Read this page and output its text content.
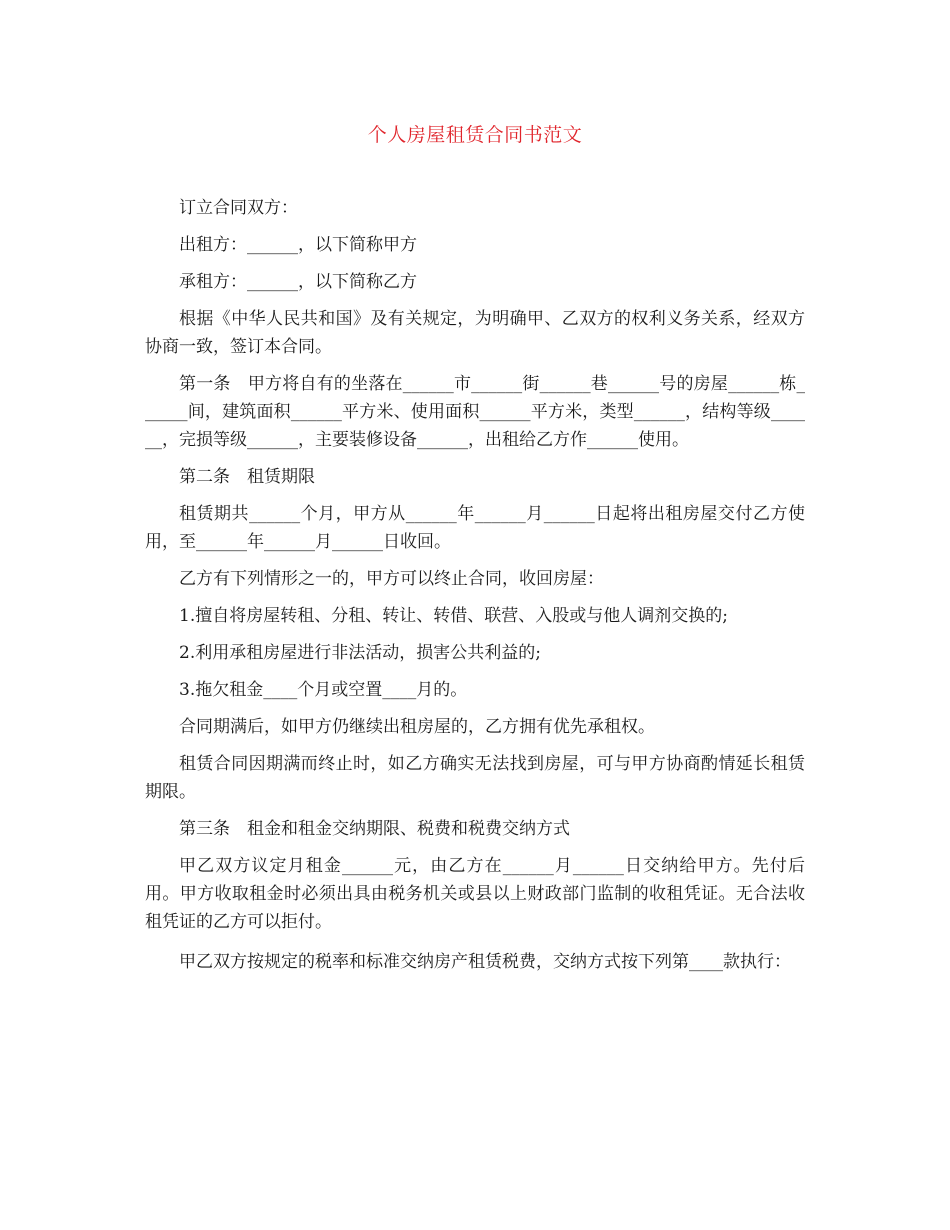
个人房屋租赁合同书范文

订立合同双方：

出租方：______，以下简称甲方

承租方：______，以下简称乙方

根据《中华人民共和国》及有关规定，为明确甲、乙双方的权利义务关系，经双方协商一致，签订本合同。

第一条　甲方将自有的坐落在______市______街______巷______号的房屋______栋______间，建筑面积______平方米、使用面积______平方米，类型______，结构等级______，完损等级______，主要装修设备______，出租给乙方作______使用。

第二条　租赁期限

租赁期共______个月，甲方从______年______月______日起将出租房屋交付乙方使用，至______年______月______日收回。

乙方有下列情形之一的，甲方可以终止合同，收回房屋：

1.擅自将房屋转租、分租、转让、转借、联营、入股或与他人调剂交换的;

2.利用承租房屋进行非法活动，损害公共利益的;

3.拖欠租金____个月或空置____月的。

合同期满后，如甲方仍继续出租房屋的，乙方拥有优先承租权。

租赁合同因期满而终止时，如乙方确实无法找到房屋，可与甲方协商酌情延长租赁期限。

第三条　租金和租金交纳期限、税费和税费交纳方式

甲乙双方议定月租金______元，由乙方在______月______日交纳给甲方。先付后用。甲方收取租金时必须出具由税务机关或县以上财政部门监制的收租凭证。无合法收租凭证的乙方可以拒付。

甲乙双方按规定的税率和标准交纳房产租赁税费，交纳方式按下列第____款执行：
